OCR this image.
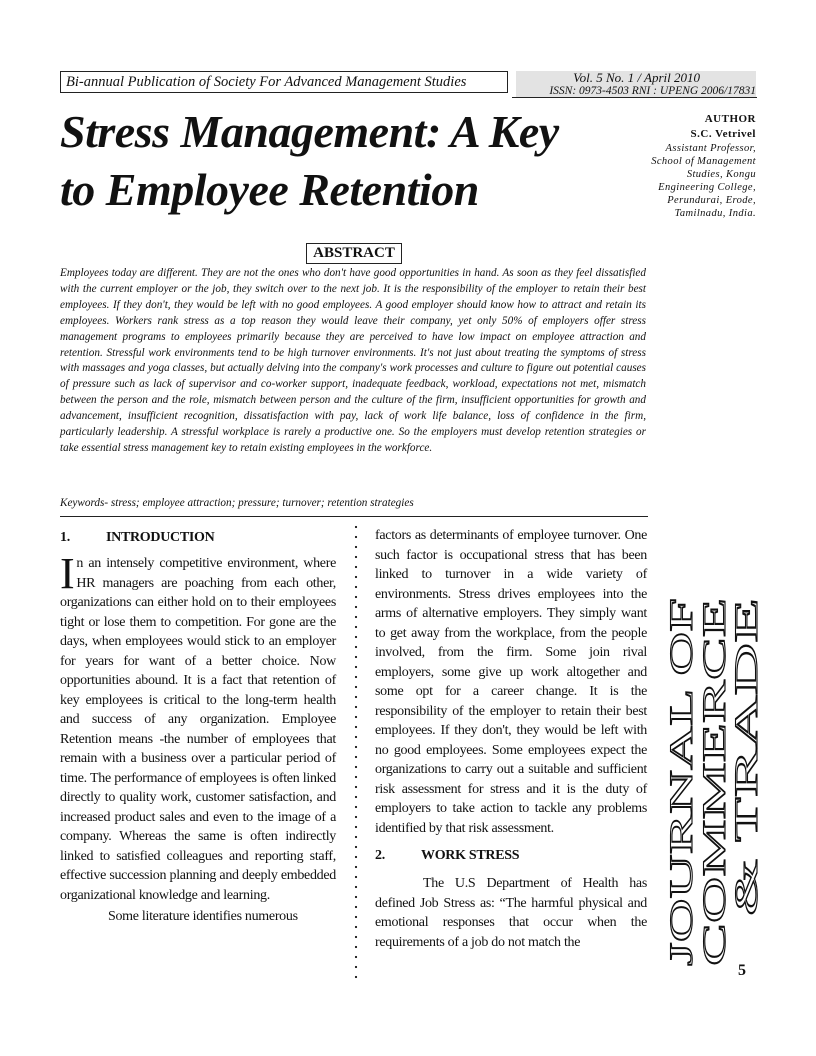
Bi-annual Publication of Society For Advanced Management Studies	Vol. 5 No. 1 / April 2010
ISSN: 0973-4503 RNI : UPENG 2006/17831
Stress Management: A Key
to Employee Retention
AUTHOR
S.C. Vetrivel
Assistant Professor,
School of Management
Studies, Kongu
Engineering College,
Perundurai, Erode,
Tamilnadu, India.
ABSTRACT
Employees today are different. They are not the ones who don't have good opportunities in hand. As soon as they feel dissatisfied with the current employer or the job, they switch over to the next job. It is the responsibility of the employer to retain their best employees. If they don't, they would be left with no good employees. A good employer should know how to attract and retain its employees. Workers rank stress as a top reason they would leave their company, yet only 50% of employers offer stress management programs to employees primarily because they are perceived to have low impact on employee attraction and retention. Stressful work environments tend to be high turnover environments. It's not just about treating the symptoms of stress with massages and yoga classes, but actually delving into the company's work processes and culture to figure out potential causes of pressure such as lack of supervisor and co-worker support, inadequate feedback, workload, expectations not met, mismatch between the person and the role, mismatch between person and the culture of the firm, insufficient opportunities for growth and advancement, insufficient recognition, dissatisfaction with pay, lack of work life balance, loss of confidence in the firm, particularly leadership. A stressful workplace is rarely a productive one. So the employers must develop retention strategies or take essential stress management key to retain existing employees in the workforce.
Keywords- stress; employee attraction; pressure; turnover; retention strategies
1.	INTRODUCTION

In an intensely competitive environment, where HR managers are poaching from each other, organizations can either hold on to their employees tight or lose them to competition. For gone are the days, when employees would stick to an employer for years for want of a better choice. Now opportunities abound. It is a fact that retention of key employees is critical to the long-term health and success of any organization. Employee Retention means -the number of employees that remain with a business over a particular period of time. The performance of employees is often linked directly to quality work, customer satisfaction, and increased product sales and even to the image of a company. Whereas the same is often indirectly linked to satisfied colleagues and reporting staff, effective succession planning and deeply embedded organizational knowledge and learning.

Some literature identifies numerous

factors as determinants of employee turnover. One such factor is occupational stress that has been linked to turnover in a wide variety of environments. Stress drives employees into the arms of alternative employers. They simply want to get away from the workplace, from the people involved, from the firm. Some join rival employers, some give up work altogether and some opt for a career change. It is the responsibility of the employer to retain their best employees. If they don't, they would be left with no good employees. Some employees expect the organizations to carry out a suitable and sufficient risk assessment for stress and it is the duty of employers to take action to tackle any problems identified by that risk assessment.

2.	WORK STRESS

The U.S Department of Health has defined Job Stress as: “The harmful physical and emotional responses that occur when the requirements of a job do not match the	JOURNAL OF
COMMERCE
& TRADE
5
